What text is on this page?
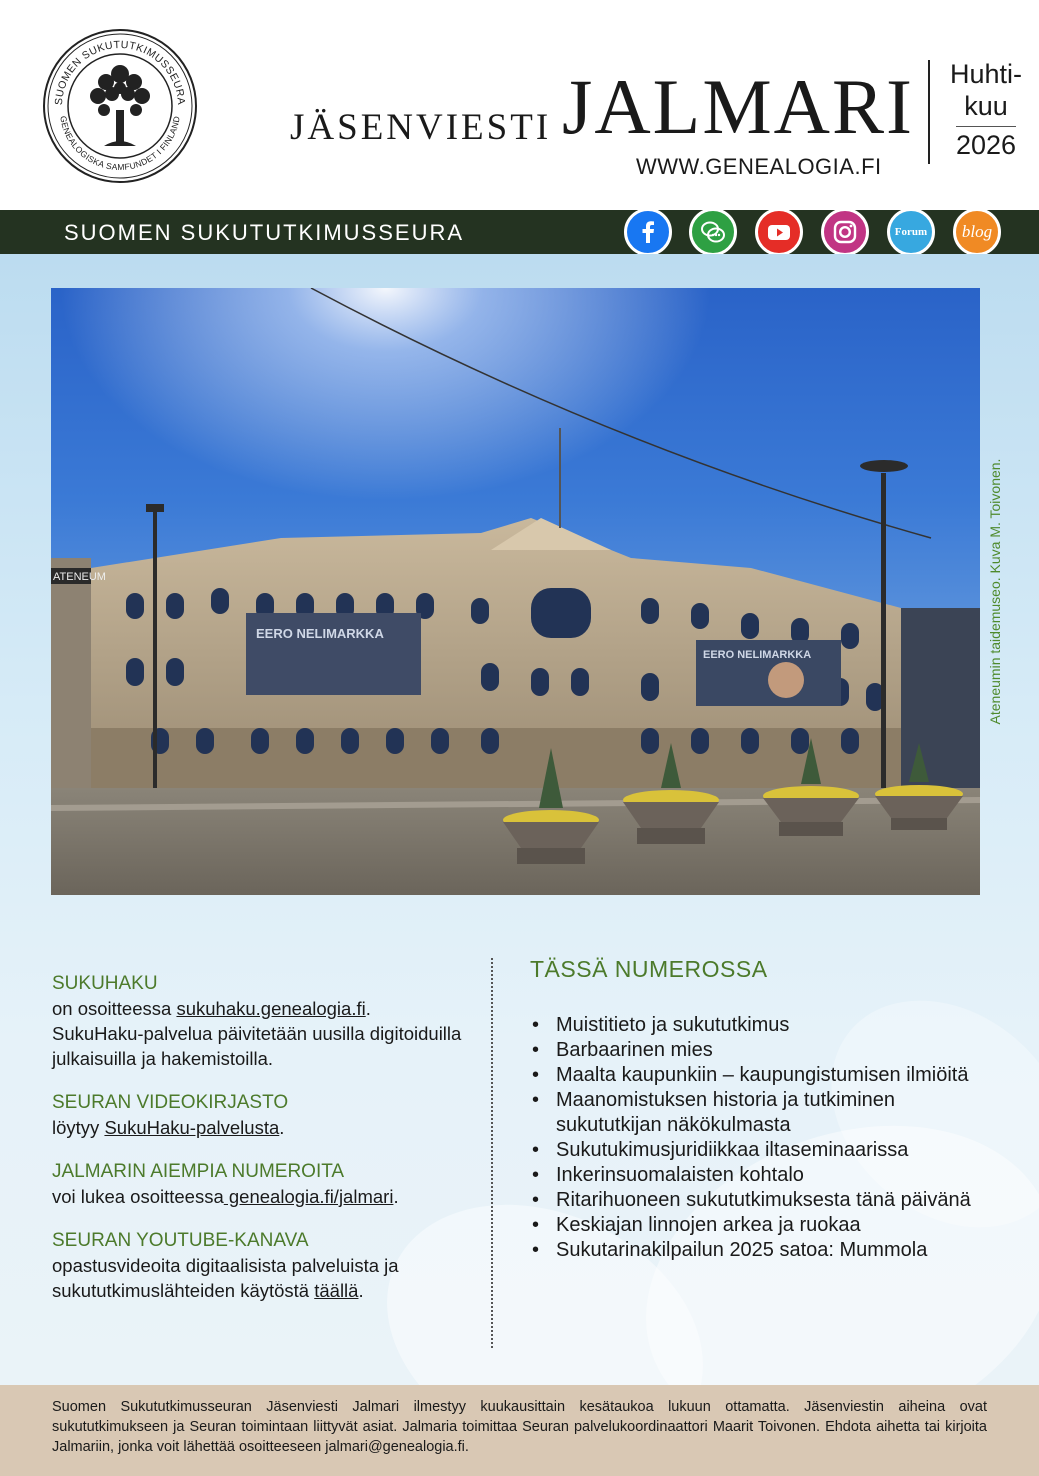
SUOMEN SUKUTUTKIMUSSEURA
GENEALOGISKA SAMFUNDET I FINLAND	JÄSENVIESTI JALMARI
WWW.GENEALOGIA.FI
Huhti-
kuu
2026
SUOMEN SUKUTUTKIMUSSEURA	Forum blog
EERO NELIMARKKA
EERO NELIMARKKA
ATENEUM	Ateneumin taidemuseo. Kuva M. Toivonen.
SUKUHAKU
on osoitteessa sukuhaku.genealogia.fi. SukuHaku-palvelua päivitetään uusilla digitoiduilla julkaisuilla ja hakemistoilla.
SEURAN VIDEOKIRJASTO
löytyy SukuHaku-palvelusta.
JALMARIN AIEMPIA NUMEROITA
voi lukea osoitteessa genealogia.fi/jalmari.
SEURAN YOUTUBE-KANAVA
opastusvideoita digitaalisista palveluista ja sukututkimuslähteiden käytöstä täällä.
TÄSSÄ NUMEROSSA
• Muistitieto ja sukututkimus
• Barbaarinen mies
• Maalta kaupunkiin – kaupungistumisen ilmiöitä
• Maanomistuksen historia ja tutkiminen sukututkijan näkökulmasta
• Sukutukimusjuridiikkaa iltaseminaarissa
• Inkerinsuomalaisten kohtalo
• Ritarihuoneen sukututkimuksesta tänä päivänä
• Keskiajan linnojen arkea ja ruokaa
• Sukutarinakilpailun 2025 satoa: Mummola

Suomen Sukututkimusseuran Jäsenviesti Jalmari ilmestyy kuukausittain kesätaukoa lukuun ottamatta. Jäsenviestin aiheina ovat sukututkimukseen ja Seuran toimintaan liittyvät asiat. Jalmaria toimittaa Seuran palvelukoordinaattori Maarit Toivonen. Ehdota aihetta tai kirjoita Jalmariin, jonka voit lähettää osoitteeseen jalmari@genealogia.fi.
